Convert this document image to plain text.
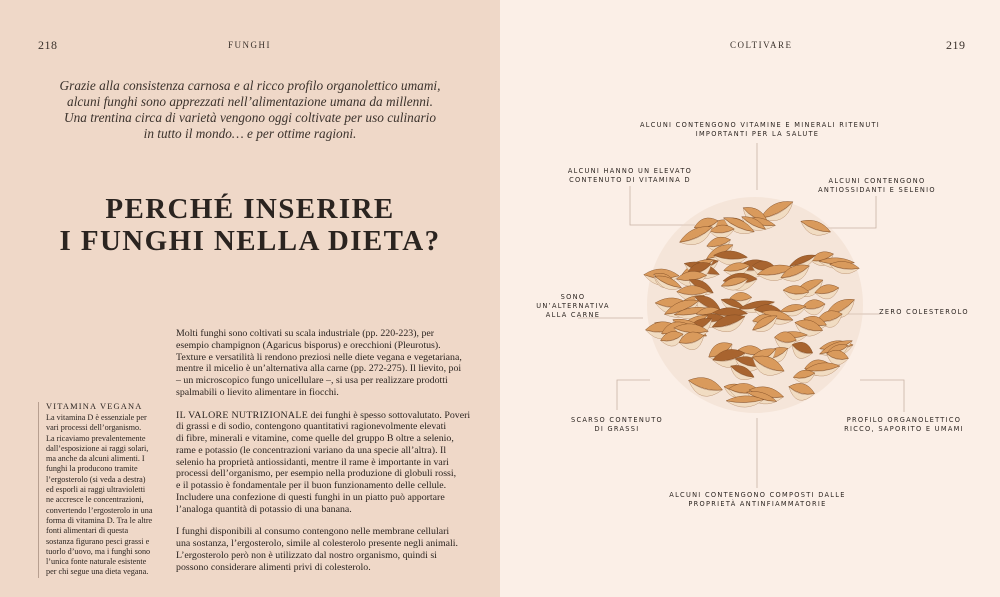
218	FUNGHI
Grazie alla consistenza carnosa e al ricco profilo organolettico umami,
alcuni funghi sono apprezzati nell’alimentazione umana da millenni.
Una trentina circa di varietà vengono oggi coltivate per uso culinario
in tutto il mondo… e per ottime ragioni.
PERCHÉ INSERIRE
I FUNGHI NELLA DIETA?
VITAMINA VEGANA
La vitamina D è essenziale per
vari processi dell’organismo.
La ricaviamo prevalentemente
dall’esposizione ai raggi solari,
ma anche da alcuni alimenti. I
funghi la producono tramite
l’ergosterolo (si veda a destra)
ed esporli ai raggi ultravioletti
ne accresce le concentrazioni,
convertendo l’ergosterolo in una
forma di vitamina D. Tra le altre
fonti alimentari di questa
sostanza figurano pesci grassi e
tuorlo d’uovo, ma i funghi sono
l’unica fonte naturale esistente
per chi segue una dieta vegana.
Molti funghi sono coltivati su scala industriale (pp. 220-223), per
esempio champignon (Agaricus bisporus) e orecchioni (Pleurotus).
Texture e versatilità li rendono preziosi nelle diete vegana e vegetariana,
mentre il micelio è un’alternativa alla carne (pp. 272-275). Il lievito, poi
– un microscopico fungo unicellulare –, si usa per realizzare prodotti
spalmabili o lievito alimentare in fiocchi.
IL VALORE NUTRIZIONALE dei funghi è spesso sottovalutato. Poveri
di grassi e di sodio, contengono quantitativi ragionevolmente elevati
di fibre, minerali e vitamine, come quelle del gruppo B oltre a selenio,
rame e potassio (le concentrazioni variano da una specie all’altra). Il
selenio ha proprietà antiossidanti, mentre il rame è importante in vari
processi dell’organismo, per esempio nella produzione di globuli rossi,
e il potassio è fondamentale per il buon funzionamento delle cellule.
Includere una confezione di questi funghi in un piatto può apportare
l’analoga quantità di potassio di una banana.
I funghi disponibili al consumo contengono nelle membrane cellulari
una sostanza, l’ergosterolo, simile al colesterolo presente negli animali.
L’ergosterolo però non è utilizzato dal nostro organismo, quindi si
possono considerare alimenti privi di colesterolo.
COLTIVARE	219
ALCUNI CONTENGONO VITAMINE E MINERALI RITENUTI
IMPORTANTI PER LA SALUTE
ALCUNI HANNO UN ELEVATO
CONTENUTO DI VITAMINA D	ALCUNI CONTENGONO
ANTIOSSIDANTI E SELENIO
SONO
UN’ALTERNATIVA
ALLA CARNE	ZERO COLESTEROLO
SCARSO CONTENUTO
DI GRASSI
PROFILO ORGANOLETTICO
RICCO, SAPORITO E UMAMI
ALCUNI CONTENGONO COMPOSTI DALLE
PROPRIETÀ ANTINFIAMMATORIE
